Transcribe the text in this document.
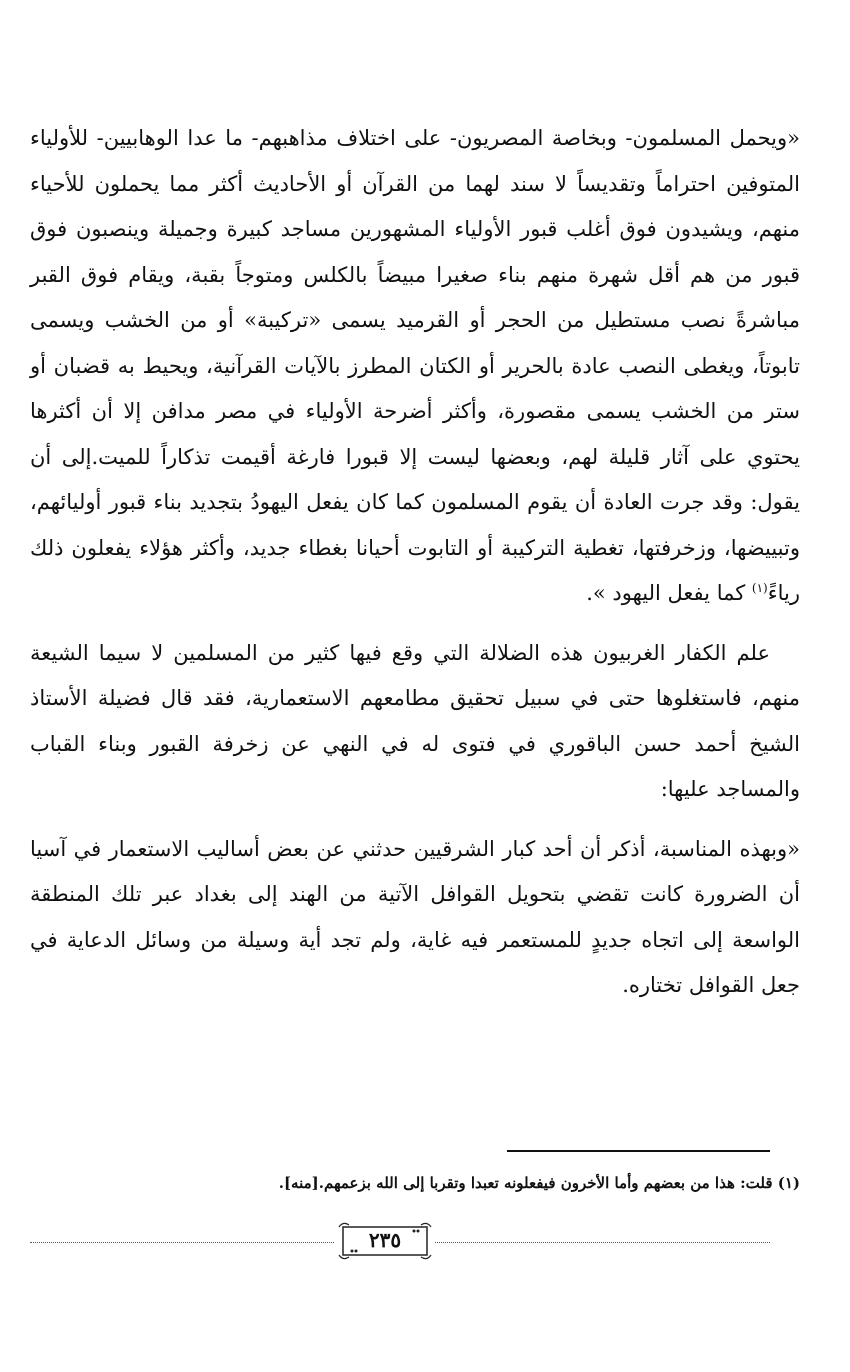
«ويحمل المسلمون- وبخاصة المصريون- على اختلاف مذاهبهم- ما عدا الوهابيين- للأولياء المتوفين احتراماً وتقديساً لا سند لهما من القرآن أو الأحاديث أكثر مما يحملون للأحياء منهم، ويشيدون فوق أغلب قبور الأولياء المشهورين مساجد كبيرة وجميلة وينصبون فوق قبور من هم أقل شهرة منهم بناء صغيرا مبيضاً بالكلس ومتوجاً بقبة، ويقام فوق القبر مباشرةً نصب مستطيل من الحجر أو القرميد يسمى «تركيبة» أو من الخشب ويسمى تابوتاً، ويغطى النصب عادة بالحرير أو الكتان المطرز بالآيات القرآنية، ويحيط به قضبان أو ستر من الخشب يسمى مقصورة، وأكثر أضرحة الأولياء في مصر مدافن إلا أن أكثرها يحتوي على آثار قليلة لهم، وبعضها ليست إلا قبورا فارغة أقيمت تذكاراً للميت.إلى أن يقول: وقد جرت العادة أن يقوم المسلمون كما كان يفعل اليهودُ بتجديد بناء قبور أوليائهم، وتبييضها، وزخرفتها، تغطية التركيبة أو التابوت أحيانا بغطاء جديد، وأكثر هؤلاء يفعلون ذلك رياءً$^{(١)}$ كما يفعل اليهود ».

علم الكفار الغربيون هذه الضلالة التي وقع فيها كثير من المسلمين لا سيما الشيعة منهم، فاستغلوها حتى في سبيل تحقيق مطامعهم الاستعمارية، فقد قال فضيلة الأستاذ الشيخ أحمد حسن الباقوري في فتوى له في النهي عن زخرفة القبور وبناء القباب والمساجد عليها:

«وبهذه المناسبة، أذكر أن أحد كبار الشرقيين حدثني عن بعض أساليب الاستعمار في آسيا أن الضرورة كانت تقضي بتحويل القوافل الآتية من الهند إلى بغداد عبر تلك المنطقة الواسعة إلى اتجاه جديدٍ للمستعمر فيه غاية، ولم تجد أية وسيلة من وسائل الدعاية في جعل القوافل تختاره.

(١) قلت: هذا من بعضهم وأما الأخرون فيفعلونه تعبدا وتقربا إلى الله بزعمهم.[منه].
٢٣٥
